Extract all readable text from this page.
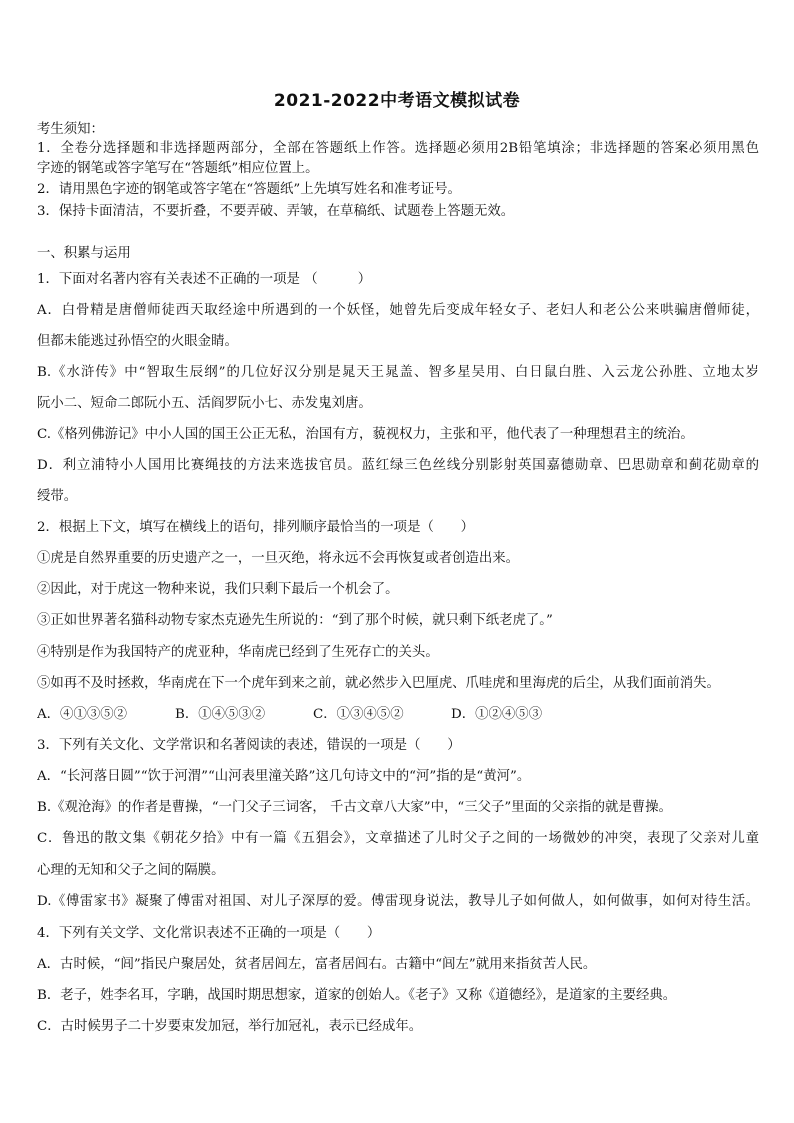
2021-2022中考语文模拟试卷
考生须知：
1．全卷分选择题和非选择题两部分，全部在答题纸上作答。选择题必须用2B铅笔填涂；非选择题的答案必须用黑色
字迹的钢笔或答字笔写在“答题纸”相应位置上。
2．请用黑色字迹的钢笔或答字笔在“答题纸”上先填写姓名和准考证号。
3．保持卡面清洁，不要折叠，不要弄破、弄皱，在草稿纸、试题卷上答题无效。
一、积累与运用
1．下面对名著内容有关表述不正确的一项是 （　　　）
A．白骨精是唐僧师徒西天取经途中所遇到的一个妖怪，她曾先后变成年轻女子、老妇人和老公公来哄骗唐僧师徒，
但都未能逃过孙悟空的火眼金睛。
B.《水浒传》中“智取生辰纲”的几位好汉分别是晁天王晁盖、智多星吴用、白日鼠白胜、入云龙公孙胜、立地太岁
阮小二、短命二郎阮小五、活阎罗阮小七、赤发鬼刘唐。
C.《格列佛游记》中小人国的国王公正无私，治国有方，藐视权力，主张和平，他代表了一种理想君主的统治。
D．利立浦特小人国用比赛绳技的方法来选拔官员。蓝红绿三色丝线分别影射英国嘉德勋章、巴思勋章和蓟花勋章的
绶带。
2．根据上下文，填写在横线上的语句，排列顺序最恰当的一项是（　　）
①虎是自然界重要的历史遗产之一，一旦灭绝，将永远不会再恢复或者创造出来。
②因此，对于虎这一物种来说，我们只剩下最后一个机会了。
③正如世界著名猫科动物专家杰克逊先生所说的：“到了那个时候，就只剩下纸老虎了。”
④特别是作为我国特产的虎亚种，华南虎已经到了生死存亡的关头。
⑤如再不及时拯救，华南虎在下一个虎年到来之前，就必然步入巴厘虎、爪哇虎和里海虎的后尘，从我们面前消失。
A．④①③⑤②	B．①④⑤③②	C．①③④⑤②	D．①②④⑤③
3．下列有关文化、文学常识和名著阅读的表述，错误的一项是（　　）
A．“长河落日圆”“饮于河渭”“山河表里潼关路”这几句诗文中的“河”指的是“黄河”。
B.《观沧海》的作者是曹操，“一门父子三词客， 千古文章八大家”中，“三父子”里面的父亲指的就是曹操。
C．鲁迅的散文集《朝花夕拾》中有一篇《五猖会》，文章描述了儿时父子之间的一场微妙的冲突，表现了父亲对儿童
心理的无知和父子之间的隔膜。
D.《傅雷家书》凝聚了傅雷对祖国、对儿子深厚的爱。傅雷现身说法，教导儿子如何做人，如何做事，如何对待生活。
4．下列有关文学、文化常识表述不正确的一项是（　　）
A．古时候，“闾”指民户聚居处，贫者居闾左，富者居闾右。古籍中“闾左”就用来指贫苦人民。
B．老子，姓李名耳，字聃，战国时期思想家，道家的创始人。《老子》又称《道德经》，是道家的主要经典。
C．古时候男子二十岁要束发加冠，举行加冠礼，表示已经成年。
